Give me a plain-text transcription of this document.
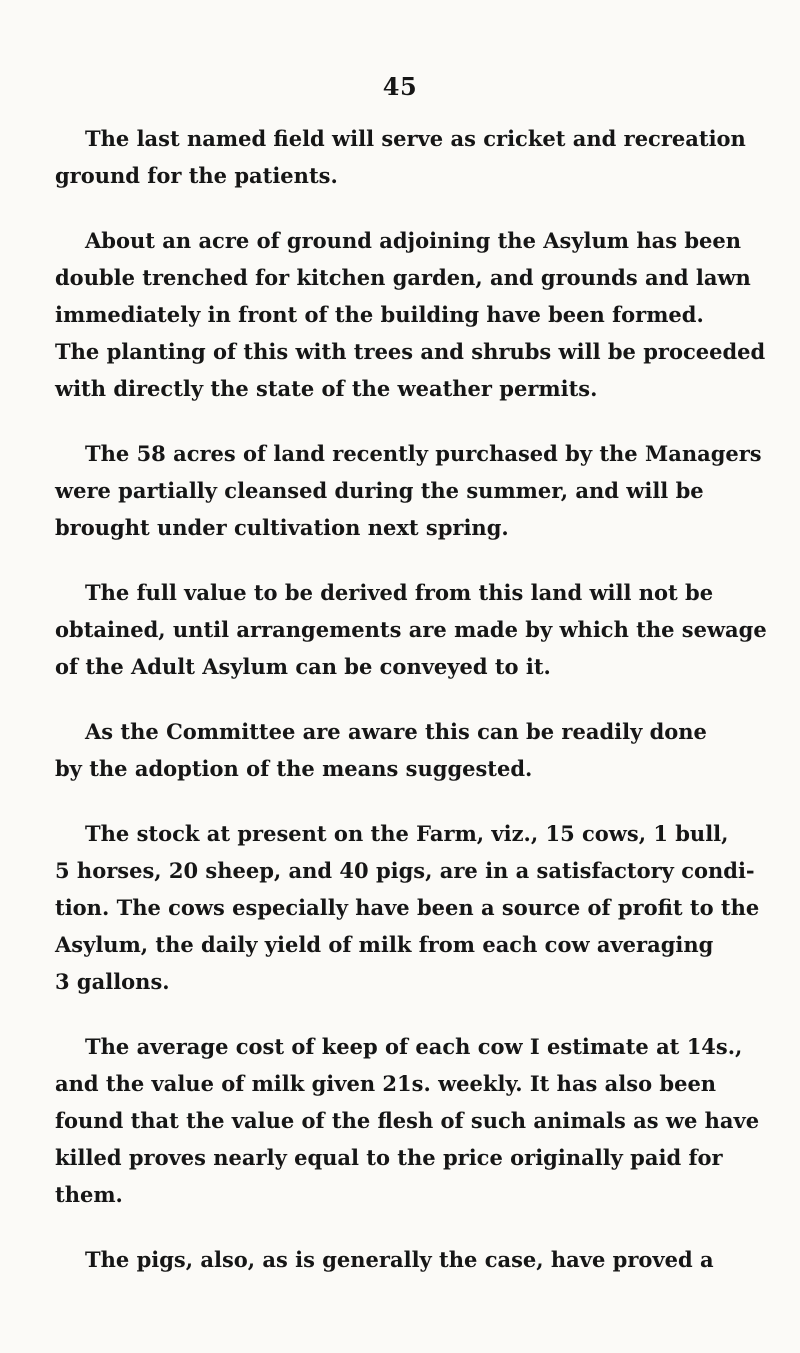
45

The last named field will serve as cricket and recreation
ground for the patients.

About an acre of ground adjoining the Asylum has been
double trenched for kitchen garden, and grounds and lawn
immediately in front of the building have been formed.
The planting of this with trees and shrubs will be proceeded
with directly the state of the weather permits.

The 58 acres of land recently purchased by the Managers
were partially cleansed during the summer, and will be
brought under cultivation next spring.

The full value to be derived from this land will not be
obtained, until arrangements are made by which the sewage
of the Adult Asylum can be conveyed to it.

As the Committee are aware this can be readily done
by the adoption of the means suggested.

The stock at present on the Farm, viz., 15 cows, 1 bull,
5 horses, 20 sheep, and 40 pigs, are in a satisfactory condi-
tion. The cows especially have been a source of profit to the
Asylum, the daily yield of milk from each cow averaging
3 gallons.

The average cost of keep of each cow I estimate at 14s.,
and the value of milk given 21s. weekly. It has also been
found that the value of the flesh of such animals as we have
killed proves nearly equal to the price originally paid for
them.

The pigs, also, as is generally the case, have proved a
